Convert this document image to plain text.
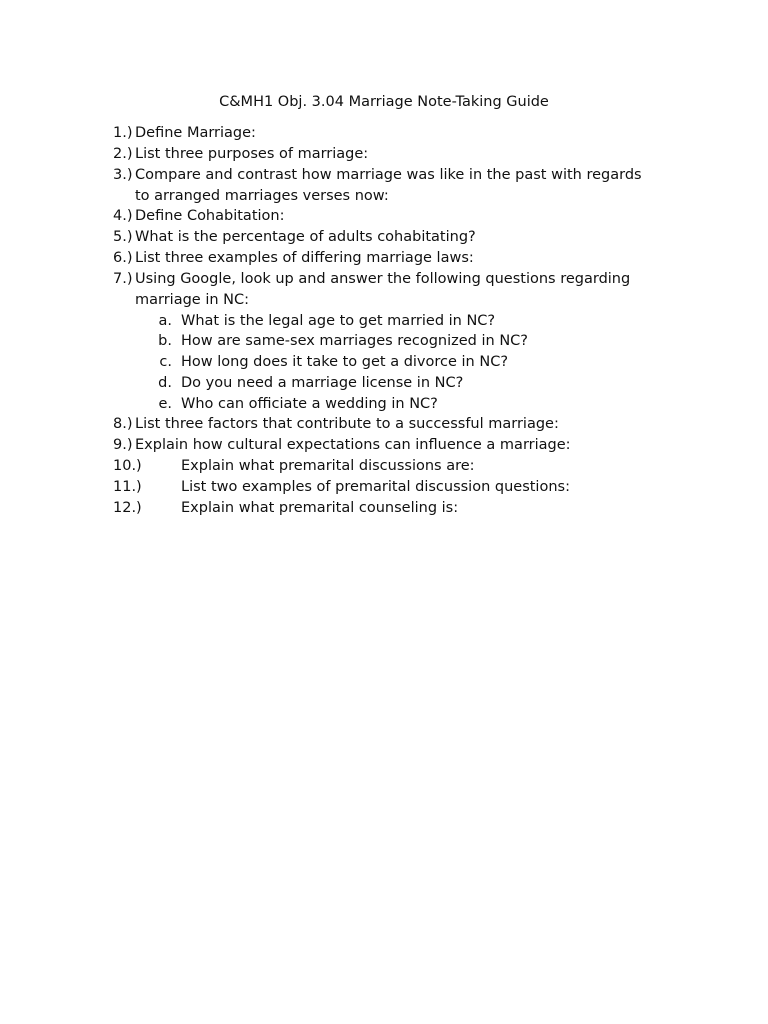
C&MH1 Obj. 3.04 Marriage Note-Taking Guide
1.) Define Marriage:
2.) List three purposes of marriage:
3.) Compare and contrast how marriage was like in the past with regards
to arranged marriages verses now:
4.) Define Cohabitation:
5.) What is the percentage of adults cohabitating?
6.) List three examples of differing marriage laws:
7.) Using Google, look up and answer the following questions regarding
marriage in NC:
a. What is the legal age to get married in NC?
b. How are same-sex marriages recognized in NC?
c. How long does it take to get a divorce in NC?
d. Do you need a marriage license in NC?
e. Who can officiate a wedding in NC?
8.) List three factors that contribute to a successful marriage:
9.) Explain how cultural expectations can influence a marriage:
10.)	Explain what premarital discussions are:
11.)	List two examples of premarital discussion questions:
12.)	Explain what premarital counseling is:
